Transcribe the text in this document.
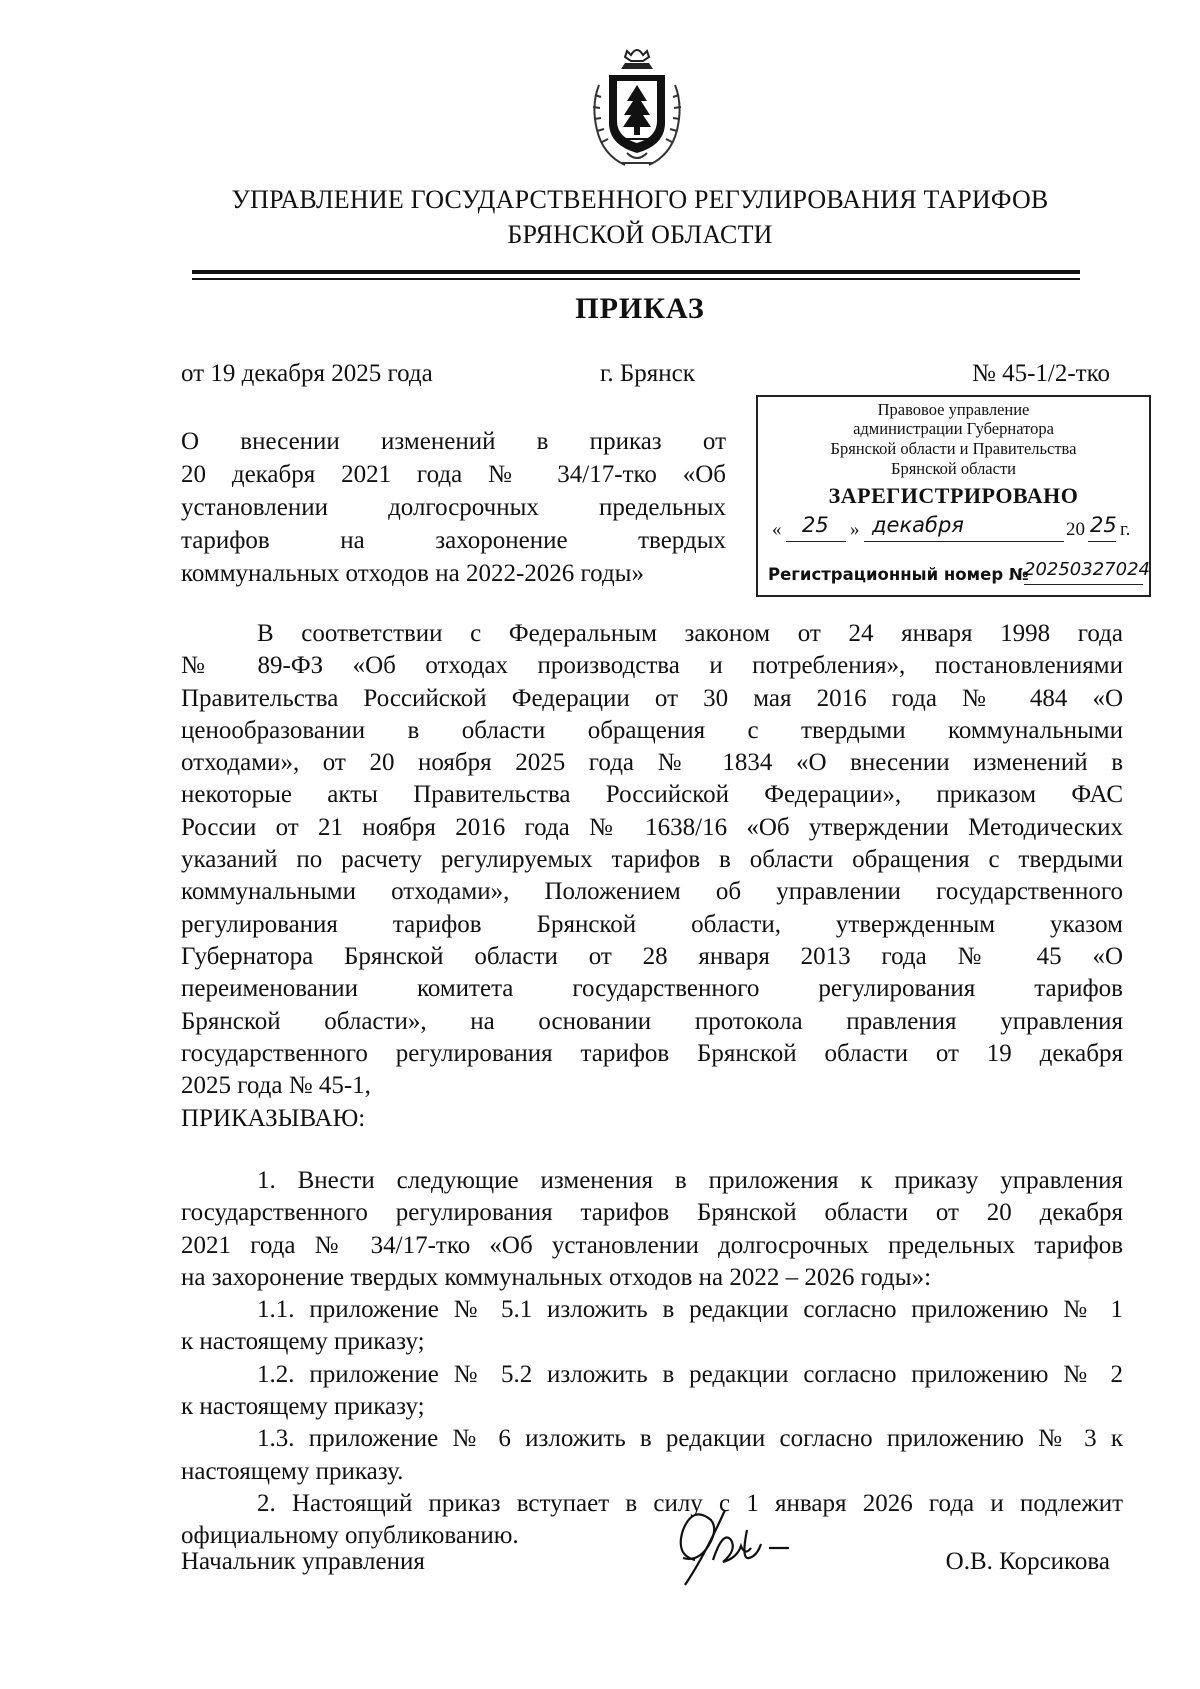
УПРАВЛЕНИЕ ГОСУДАРСТВЕННОГО РЕГУЛИРОВАНИЯ ТАРИФОВ
БРЯНСКОЙ ОБЛАСТИ
ПРИКАЗ
от 19 декабря 2025 года	г. Брянск	№ 45-1/2-тко
О внесении изменений в приказ от
20 декабря 2021 года № 34/17-тко «Об
установлении долгосрочных предельных
тарифов на захоронение твердых
коммунальных отходов на 2022-2026 годы»
Правовое управление
администрации Губернатора
Брянской области и Правительства
Брянской области
ЗАРЕГИСТРИРОВАНО
« 25 » декабря	20 25 г.
Регистрационный номер №
20250327024
В соответствии с Федеральным законом от 24 января 1998 года
№ 89-ФЗ «Об отходах производства и потребления», постановлениями
Правительства Российской Федерации от 30 мая 2016 года № 484 «О
ценообразовании в области обращения с твердыми коммунальными
отходами», от 20 ноября 2025 года № 1834 «О внесении изменений в
некоторые акты Правительства Российской Федерации», приказом ФАС
России от 21 ноября 2016 года № 1638/16 «Об утверждении Методических
указаний по расчету регулируемых тарифов в области обращения с твердыми
коммунальными отходами», Положением об управлении государственного
регулирования тарифов Брянской области, утвержденным указом
Губернатора Брянской области от 28 января 2013 года № 45 «О
переименовании комитета государственного регулирования тарифов
Брянской области», на основании протокола правления управления
государственного регулирования тарифов Брянской области от 19 декабря
2025 года № 45-1,
ПРИКАЗЫВАЮ:
1. Внести следующие изменения в приложения к приказу управления
государственного регулирования тарифов Брянской области от 20 декабря
2021 года № 34/17-тко «Об установлении долгосрочных предельных тарифов
на захоронение твердых коммунальных отходов на 2022 – 2026 годы»:
1.1. приложение № 5.1 изложить в редакции согласно приложению № 1
к настоящему приказу;
1.2. приложение № 5.2 изложить в редакции согласно приложению № 2
к настоящему приказу;
1.3. приложение № 6 изложить в редакции согласно приложению № 3 к
настоящему приказу.
2. Настоящий приказ вступает в силу с 1 января 2026 года и подлежит
официальному опубликованию.
Начальник управления	О.В. Корсикова
